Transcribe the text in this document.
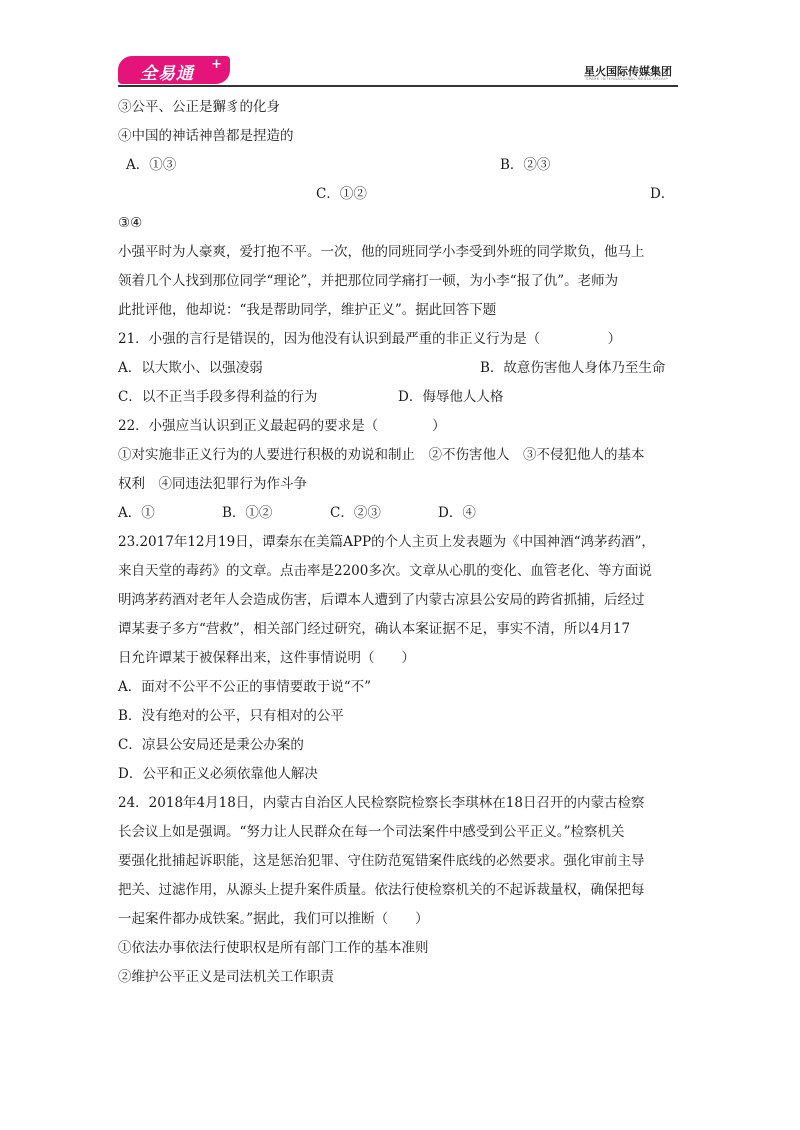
全易通 +	星火国际传媒集团
SPARK INTERNATIONAL MEDIA GROUP
③公平、公正是獬豸的化身
④中国的神话神兽都是捏造的
A．①③	B．②③
C．①②	D．
③④
小强平时为人豪爽，爱打抱不平。一次，他的同班同学小李受到外班的同学欺负，他马上
领着几个人找到那位同学“理论”，并把那位同学痛打一顿，为小李“报了仇”。老师为
此批评他，他却说：“我是帮助同学，维护正义”。据此回答下题
21．小强的言行是错误的，因为他没有认识到最严重的非正义行为是（　　　　　）
A．以大欺小、以强凌弱	B．故意伤害他人身体乃至生命
C．以不正当手段多得利益的行为	D．侮辱他人人格
22．小强应当认识到正义最起码的要求是（　　　　）
①对实施非正义行为的人要进行积极的劝说和制止　②不伤害他人　③不侵犯他人的基本
权利　④同违法犯罪行为作斗争
A．①	B．①②	C．②③	D．④
23.2017年12月19日，谭秦东在美篇APP的个人主页上发表题为《中国神酒“鸿茅药酒”，
来自天堂的毒药》的文章。点击率是2200多次。文章从心肌的变化、血管老化、等方面说
明鸿茅药酒对老年人会造成伤害，后谭本人遭到了内蒙古凉县公安局的跨省抓捕，后经过
谭某妻子多方“营救”，相关部门经过研究，确认本案证据不足，事实不清，所以4月17
日允许谭某于被保释出来，这件事情说明（　　）
A．面对不公平不公正的事情要敢于说“不”
B．没有绝对的公平，只有相对的公平
C．凉县公安局还是秉公办案的
D．公平和正义必须依靠他人解决
24．2018年4月18日，内蒙古自治区人民检察院检察长李琪林在18日召开的内蒙古检察
长会议上如是强调。“努力让人民群众在每一个司法案件中感受到公平正义。”检察机关
要强化批捕起诉职能，这是惩治犯罪、守住防范冤错案件底线的必然要求。强化审前主导
把关、过滤作用，从源头上提升案件质量。依法行使检察机关的不起诉裁量权，确保把每
一起案件都办成铁案。”据此，我们可以推断（　　）
①依法办事依法行使职权是所有部门工作的基本准则
②维护公平正义是司法机关工作职责
